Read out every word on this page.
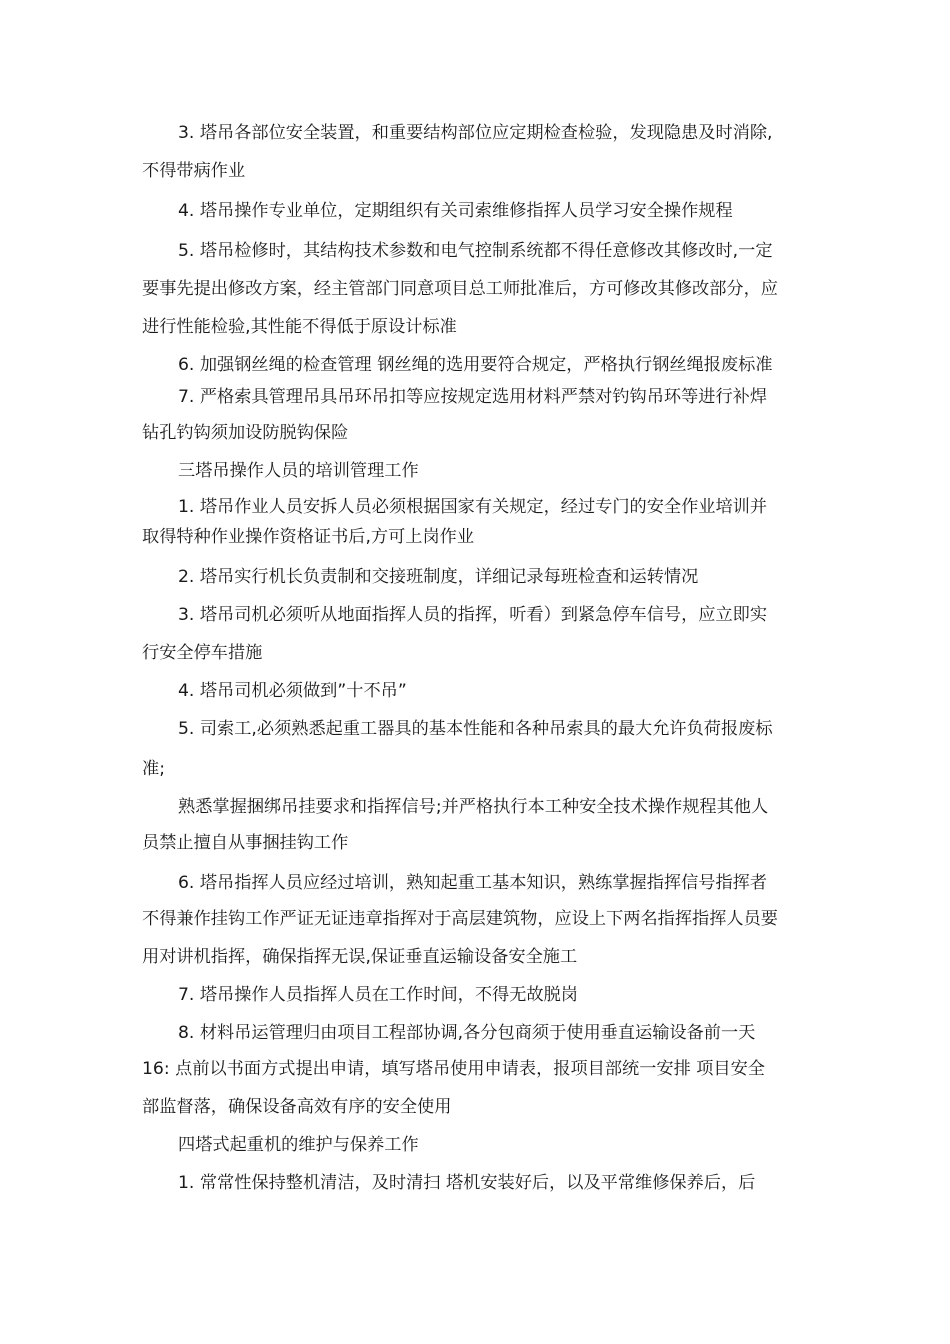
3. 塔吊各部位安全装置，和重要结构部位应定期检查检验，发现隐患及时消除,
不得带病作业
4. 塔吊操作专业单位，定期组织有关司索维修指挥人员学习安全操作规程
5. 塔吊检修时，其结构技术参数和电气控制系统都不得任意修改其修改时,一定
要事先提出修改方案，经主管部门同意项目总工师批准后，方可修改其修改部分，应
进行性能检验,其性能不得低于原设计标准
6. 加强钢丝绳的检查管理 钢丝绳的选用要符合规定，严格执行钢丝绳报废标准
7. 严格索具管理吊具吊环吊扣等应按规定选用材料严禁对钓钩吊环等进行补焊
钻孔钓钩须加设防脱钩保险
三塔吊操作人员的培训管理工作
1. 塔吊作业人员安拆人员必须根据国家有关规定，经过专门的安全作业培训并
取得特种作业操作资格证书后,方可上岗作业
2. 塔吊实行机长负责制和交接班制度，详细记录每班检查和运转情况
3. 塔吊司机必须听从地面指挥人员的指挥，听看）到紧急停车信号，应立即实
行安全停车措施
4. 塔吊司机必须做到”十不吊”
5. 司索工,必须熟悉起重工器具的基本性能和各种吊索具的最大允许负荷报废标
准;
熟悉掌握捆绑吊挂要求和指挥信号;并严格执行本工种安全技术操作规程其他人
员禁止擅自从事捆挂钩工作
6. 塔吊指挥人员应经过培训，熟知起重工基本知识，熟练掌握指挥信号指挥者
不得兼作挂钩工作严证无证违章指挥对于高层建筑物，应设上下两名指挥指挥人员要
用对讲机指挥，确保指挥无误,保证垂直运输设备安全施工
7. 塔吊操作人员指挥人员在工作时间，不得无故脱岗
8. 材料吊运管理归由项目工程部协调,各分包商须于使用垂直运输设备前一天
16: 点前以书面方式提出申请，填写塔吊使用申请表，报项目部统一安排 项目安全
部监督落，确保设备高效有序的安全使用
四塔式起重机的维护与保养工作
1. 常常性保持整机清洁，及时清扫 塔机安装好后，以及平常维修保养后，后
